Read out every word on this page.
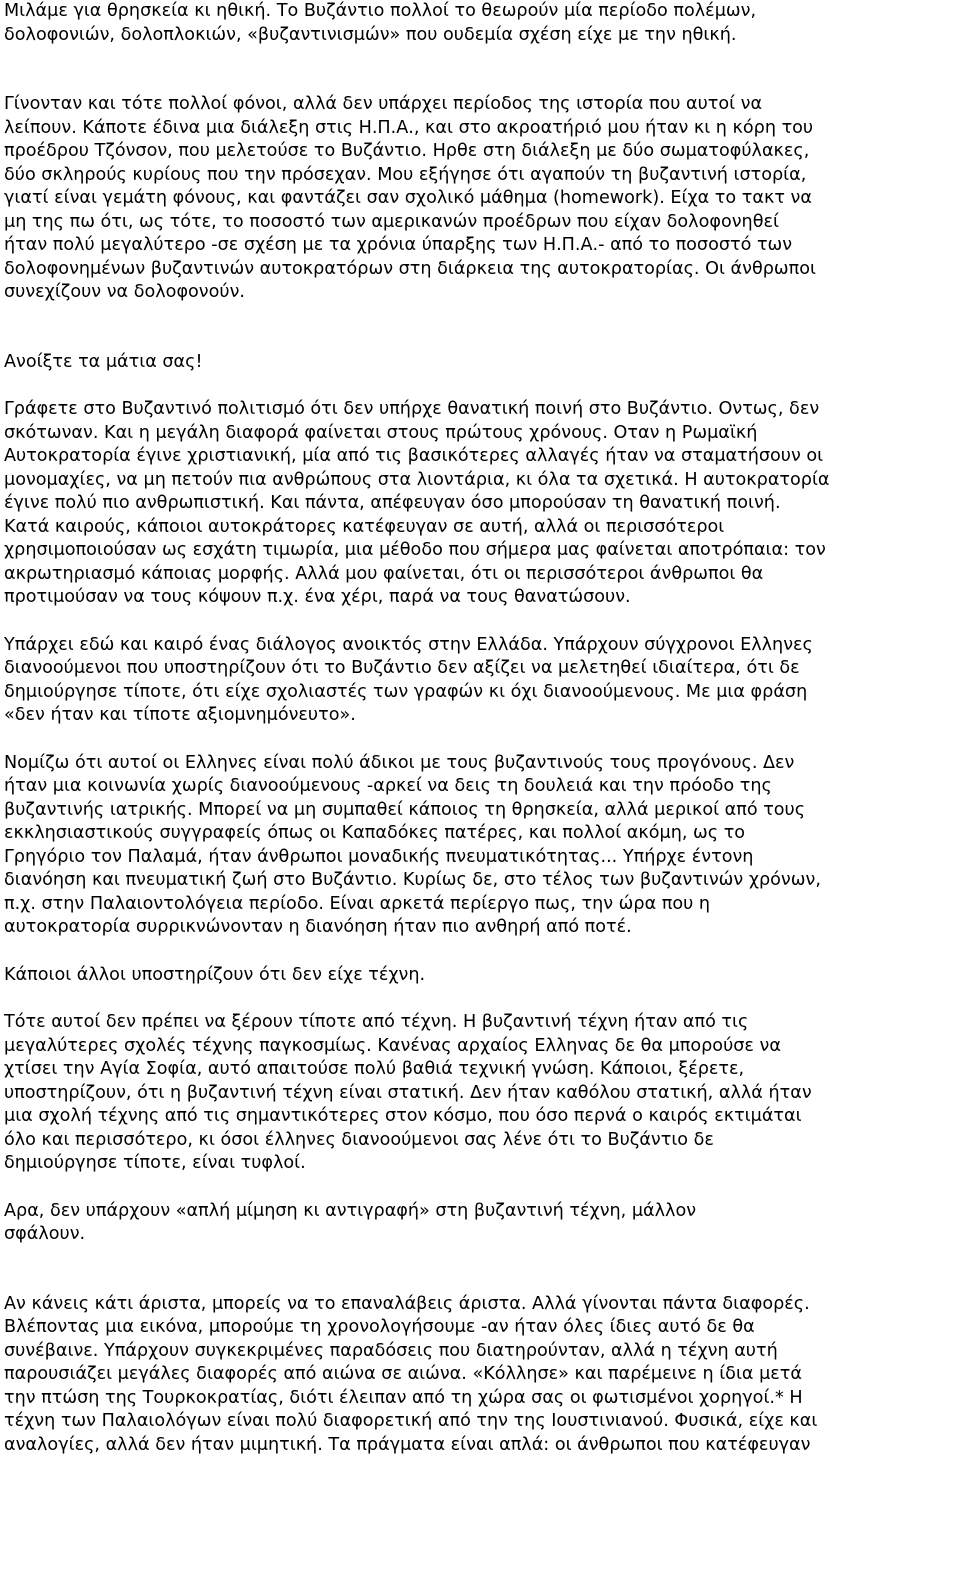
Μιλάμε για θρησκεία κι ηθική. Το Βυζάντιο πολλοί το θεωρούν μία περίοδο πολέμων,
δολοφονιών, δολοπλοκιών, «βυζαντινισμών» που ουδεμία σχέση είχε με την ηθική.

Γίνονταν και τότε πολλοί φόνοι, αλλά δεν υπάρχει περίοδος της ιστορία που αυτοί να
λείπουν. Κάποτε έδινα μια διάλεξη στις Η.Π.Α., και στο ακροατήριό μου ήταν κι η κόρη του
προέδρου Τζόνσον, που μελετούσε το Βυζάντιο. Ηρθε στη διάλεξη με δύο σωματοφύλακες,
δύο σκληρούς κυρίους που την πρόσεχαν. Μου εξήγησε ότι αγαπούν τη βυζαντινή ιστορία,
γιατί είναι γεμάτη φόνους, και φαντάζει σαν σχολικό μάθημα (homework). Είχα το τακτ να
μη της πω ότι, ως τότε, το ποσοστό των αμερικανών προέδρων που είχαν δολοφονηθεί
ήταν πολύ μεγαλύτερο -σε σχέση με τα χρόνια ύπαρξης των Η.Π.Α.- από το ποσοστό των
δολοφονημένων βυζαντινών αυτοκρατόρων στη διάρκεια της αυτοκρατορίας. Οι άνθρωποι
συνεχίζουν να δολοφονούν.

Ανοίξτε τα μάτια σας!

Γράφετε στο Βυζαντινό πολιτισμό ότι δεν υπήρχε θανατική ποινή στο Βυζάντιο. Οντως, δεν
σκότωναν. Και η μεγάλη διαφορά φαίνεται στους πρώτους χρόνους. Οταν η Ρωμαϊκή
Αυτοκρατορία έγινε χριστιανική, μία από τις βασικότερες αλλαγές ήταν να σταματήσουν οι
μονομαχίες, να μη πετούν πια ανθρώπους στα λιοντάρια, κι όλα τα σχετικά. Η αυτοκρατορία
έγινε πολύ πιο ανθρωπιστική. Και πάντα, απέφευγαν όσο μπορούσαν τη θανατική ποινή.
Κατά καιρούς, κάποιοι αυτοκράτορες κατέφευγαν σε αυτή, αλλά οι περισσότεροι
χρησιμοποιούσαν ως εσχάτη τιμωρία, μια μέθοδο που σήμερα μας φαίνεται αποτρόπαια: τον
ακρωτηριασμό κάποιας μορφής. Αλλά μου φαίνεται, ότι οι περισσότεροι άνθρωποι θα
προτιμούσαν να τους κόψουν π.χ. ένα χέρι, παρά να τους θανατώσουν.

Υπάρχει εδώ και καιρό ένας διάλογος ανοικτός στην Ελλάδα. Υπάρχουν σύγχρονοι Ελληνες
διανοούμενοι που υποστηρίζουν ότι το Βυζάντιο δεν αξίζει να μελετηθεί ιδιαίτερα, ότι δε
δημιούργησε τίποτε, ότι είχε σχολιαστές των γραφών κι όχι διανοούμενους. Με μια φράση
«δεν ήταν και τίποτε αξιομνημόνευτο».

Νομίζω ότι αυτοί οι Ελληνες είναι πολύ άδικοι με τους βυζαντινούς τους προγόνους. Δεν
ήταν μια κοινωνία χωρίς διανοούμενους -αρκεί να δεις τη δουλειά και την πρόοδο της
βυζαντινής ιατρικής. Μπορεί να μη συμπαθεί κάποιος τη θρησκεία, αλλά μερικοί από τους
εκκλησιαστικούς συγγραφείς όπως οι Καπαδόκες πατέρες, και πολλοί ακόμη, ως το
Γρηγόριο τον Παλαμά, ήταν άνθρωποι μοναδικής πνευματικότητας... Υπήρχε έντονη
διανόηση και πνευματική ζωή στο Βυζάντιο. Κυρίως δε, στο τέλος των βυζαντινών χρόνων,
π.χ. στην Παλαιοντολόγεια περίοδο. Είναι αρκετά περίεργο πως, την ώρα που η
αυτοκρατορία συρρικνώνονταν η διανόηση ήταν πιο ανθηρή από ποτέ.

Κάποιοι άλλοι υποστηρίζουν ότι δεν είχε τέχνη.

Τότε αυτοί δεν πρέπει να ξέρουν τίποτε από τέχνη. Η βυζαντινή τέχνη ήταν από τις
μεγαλύτερες σχολές τέχνης παγκοσμίως. Κανένας αρχαίος Ελληνας δε θα μπορούσε να
χτίσει την Αγία Σοφία, αυτό απαιτούσε πολύ βαθιά τεχνική γνώση. Κάποιοι, ξέρετε,
υποστηρίζουν, ότι η βυζαντινή τέχνη είναι στατική. Δεν ήταν καθόλου στατική, αλλά ήταν
μια σχολή τέχνης από τις σημαντικότερες στον κόσμο, που όσο περνά ο καιρός εκτιμάται
όλο και περισσότερο, κι όσοι έλληνες διανοούμενοι σας λένε ότι το Βυζάντιο δε
δημιούργησε τίποτε, είναι τυφλοί.

Αρα, δεν υπάρχουν «απλή μίμηση κι αντιγραφή» στη βυζαντινή τέχνη, μάλλον
σφάλουν.

Αν κάνεις κάτι άριστα, μπορείς να το επαναλάβεις άριστα. Αλλά γίνονται πάντα διαφορές.
Βλέποντας μια εικόνα, μπορούμε τη χρονολογήσουμε -αν ήταν όλες ίδιες αυτό δε θα
συνέβαινε. Υπάρχουν συγκεκριμένες παραδόσεις που διατηρούνταν, αλλά η τέχνη αυτή
παρουσιάζει μεγάλες διαφορές από αιώνα σε αιώνα. «Κόλλησε» και παρέμεινε η ίδια μετά
την πτώση της Τουρκοκρατίας, διότι έλειπαν από τη χώρα σας οι φωτισμένοι χορηγοί.* Η
τέχνη των Παλαιολόγων είναι πολύ διαφορετική από την της Ιουστινιανού. Φυσικά, είχε και
αναλογίες, αλλά δεν ήταν μιμητική. Τα πράγματα είναι απλά: οι άνθρωποι που κατέφευγαν
